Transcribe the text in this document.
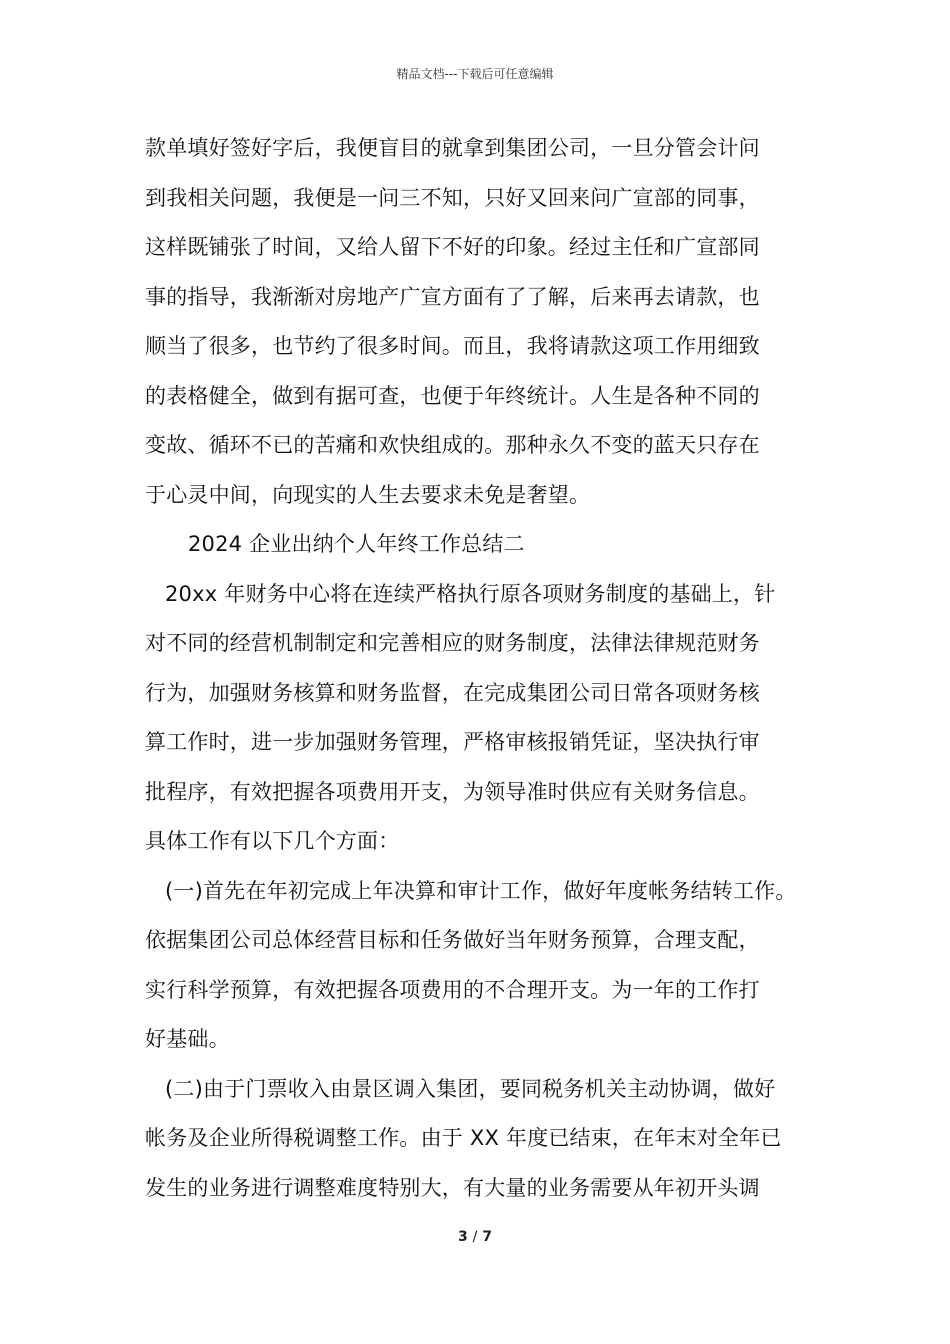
精品文档---下载后可任意编辑
款单填好签好字后，我便盲目的就拿到集团公司，一旦分管会计问
到我相关问题，我便是一问三不知，只好又回来问广宣部的同事，
这样既铺张了时间，又给人留下不好的印象。经过主任和广宣部同
事的指导，我渐渐对房地产广宣方面有了了解，后来再去请款，也
顺当了很多，也节约了很多时间。而且，我将请款这项工作用细致
的表格健全，做到有据可查，也便于年终统计。人生是各种不同的
变故、循环不已的苦痛和欢快组成的。那种永久不变的蓝天只存在
于心灵中间，向现实的人生去要求未免是奢望。
2024 企业出纳个人年终工作总结二
20xx 年财务中心将在连续严格执行原各项财务制度的基础上，针
对不同的经营机制制定和完善相应的财务制度，法律法律规范财务
行为，加强财务核算和财务监督，在完成集团公司日常各项财务核
算工作时，进一步加强财务管理，严格审核报销凭证，坚决执行审
批程序，有效把握各项费用开支，为领导准时供应有关财务信息。
具体工作有以下几个方面：
(一)首先在年初完成上年决算和审计工作，做好年度帐务结转工作。
依据集团公司总体经营目标和任务做好当年财务预算，合理支配，
实行科学预算，有效把握各项费用的不合理开支。为一年的工作打
好基础。
(二)由于门票收入由景区调入集团，要同税务机关主动协调，做好
帐务及企业所得税调整工作。由于 XX 年度已结束，在年末对全年已
发生的业务进行调整难度特别大，有大量的业务需要从年初开头调
3 / 7
